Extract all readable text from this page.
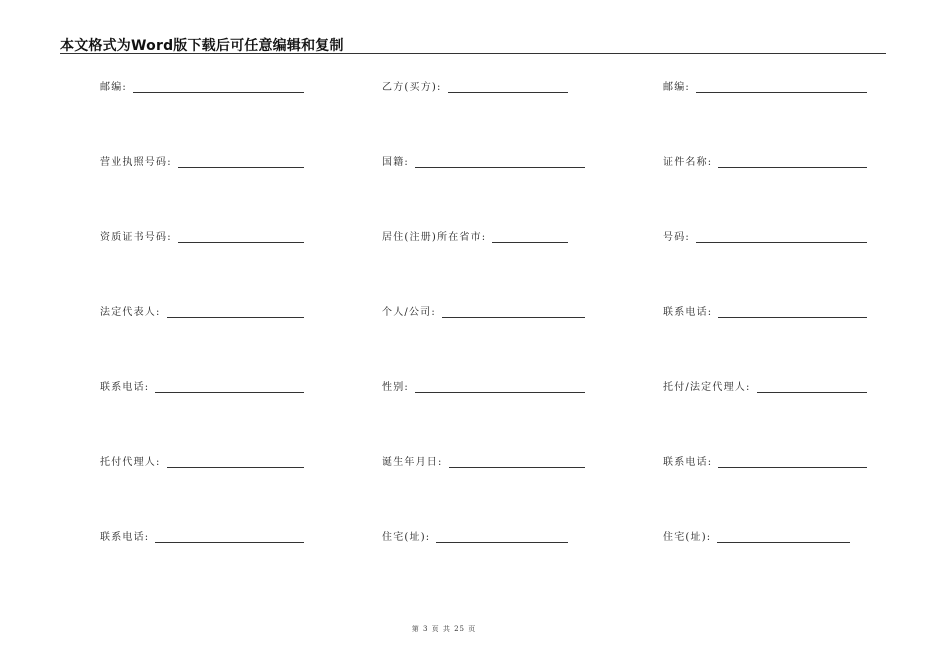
本文格式为Word版下载后可任意编辑和复制
邮编:
营业执照号码:
资质证书号码:
法定代表人:
联系电话:
托付代理人:
联系电话:
乙方(买方):
国籍:
居住(注册)所在省市:
个人/公司:
性别:
诞生年月日:
住宅(址):
邮编:
证件名称:
号码:
联系电话:
托付/法定代理人:
联系电话:
住宅(址):
第 3 页 共 25 页
